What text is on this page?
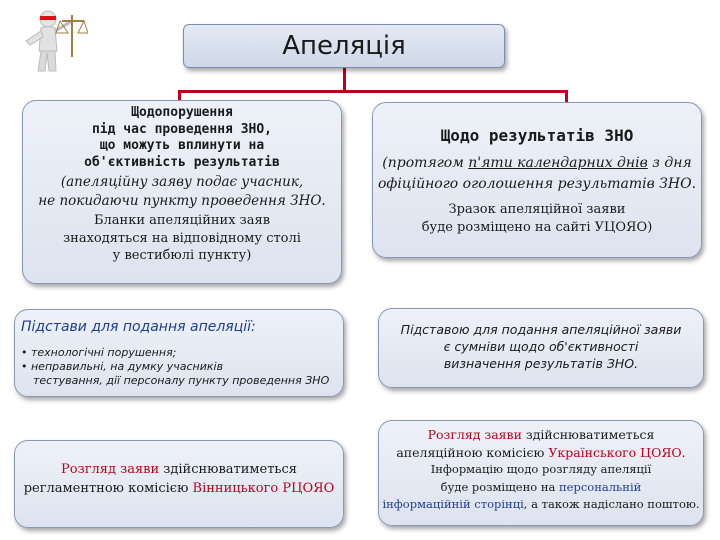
Апеляція
Щодопорушення
під час проведення ЗНО,
що можуть вплинути на
об'єктивність результатів
(апеляційну заяву подає учасник,
не покидаючи пункту проведення ЗНО.
Бланки апеляційних заяв
знаходяться на відповідному столі
у вестибюлі пункту)
Щодо результатів ЗНО
(протягом п'яти календарних днів з дня
офіційного оголошення результатів ЗНО.
Зразок апеляційної заяви
буде розміщено на сайті УЦОЯО)
Підстави для подання апеляції:
• технологічні порушення;
• неправильні, на думку учасників
тестування, дії персоналу пункту проведення ЗНО
Підставою для подання апеляційної заяви
є сумніви щодо об'єктивності
визначення результатів ЗНО.
Розгляд заяви здійснюватиметься
регламентною комісією Вінницького РЦОЯО
Розгляд заяви здійснюватиметься
апеляційною комісією Українського ЦОЯО.
Інформацію щодо розгляду апеляції
буде розміщено на персональній
інформаційній сторінці, а також надіслано поштою.
